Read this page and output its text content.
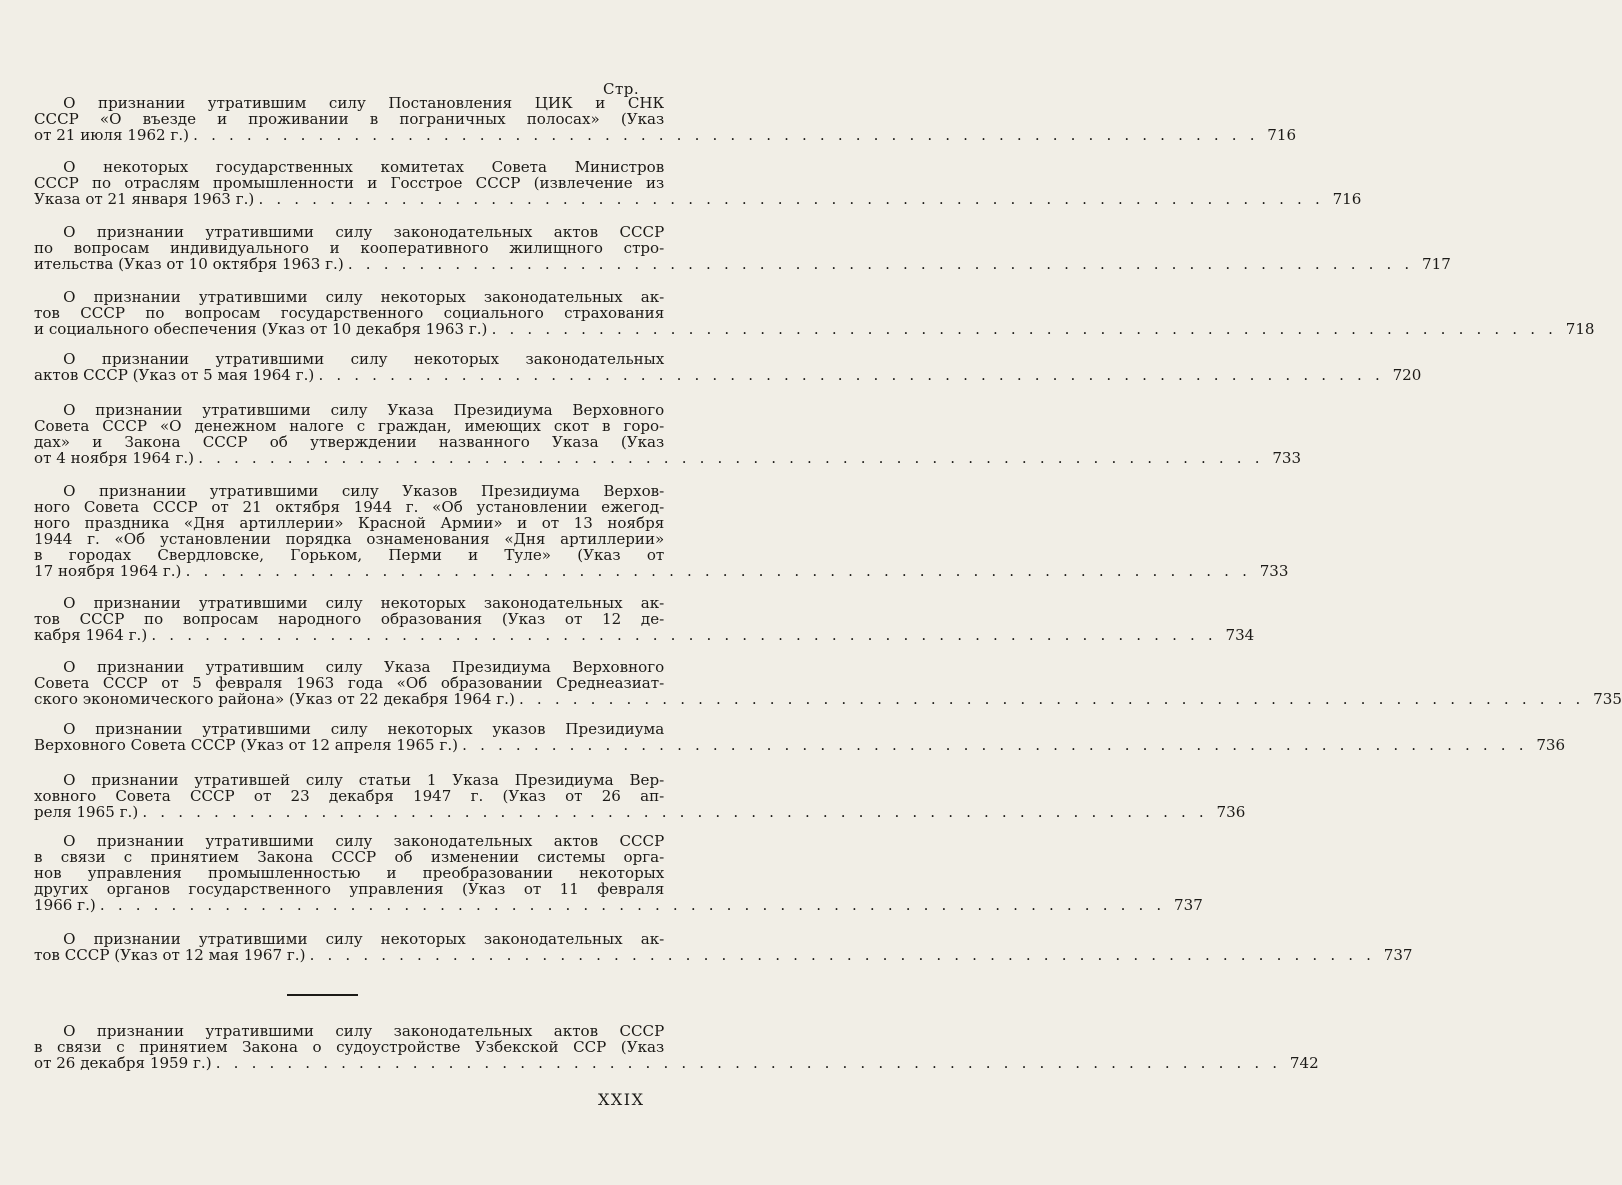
Стр.

О признании утратившим силу Постановления ЦИК и СНК

СССР «О въезде и проживании в пограничных полосах» (Указ

от 21 июля 1962 г.) . . . . . . . . . . . . . . . . . . . . . . . . . . . . . . . . . . . . . . . . . . . . . . . . . . . . . . . . . . . . 716

О некоторых государственных комитетах Совета Министров

СССР по отраслям промышленности и Госстрое СССР (извлечение из

Указа от 21 января 1963 г.) . . . . . . . . . . . . . . . . . . . . . . . . . . . . . . . . . . . . . . . . . . . . . . . . . . . . . . . . . . . . 716

О признании утратившими силу законодательных актов СССР

по вопросам индивидуального и кооперативного жилищного стро-

ительства (Указ от 10 октября 1963 г.) . . . . . . . . . . . . . . . . . . . . . . . . . . . . . . . . . . . . . . . . . . . . . . . . . . . . . . . . . . . . 717

О признании утратившими силу некоторых законодательных ак-

тов СССР по вопросам государственного социального страхования

и социального обеспечения (Указ от 10 декабря 1963 г.) . . . . . . . . . . . . . . . . . . . . . . . . . . . . . . . . . . . . . . . . . . . . . . . . . . . . . . . . . . . . 718

О признании утратившими силу некоторых законодательных

актов СССР (Указ от 5 мая 1964 г.) . . . . . . . . . . . . . . . . . . . . . . . . . . . . . . . . . . . . . . . . . . . . . . . . . . . . . . . . . . . . 720

О признании утратившими силу Указа Президиума Верховного

Совета СССР «О денежном налоге с граждан, имеющих скот в горо-

дах» и Закона СССР об утверждении названного Указа (Указ

от 4 ноября 1964 г.) . . . . . . . . . . . . . . . . . . . . . . . . . . . . . . . . . . . . . . . . . . . . . . . . . . . . . . . . . . . . 733

О признании утратившими силу Указов Президиума Верхов-

ного Совета СССР от 21 октября 1944 г. «Об установлении ежегод-

ного праздника «Дня артиллерии» Красной Армии» и от 13 ноября

1944 г. «Об установлении порядка ознаменования «Дня артиллерии»

в городах Свердловске, Горьком, Перми и Туле» (Указ от

17 ноября 1964 г.) . . . . . . . . . . . . . . . . . . . . . . . . . . . . . . . . . . . . . . . . . . . . . . . . . . . . . . . . . . . . 733

О признании утратившими силу некоторых законодательных ак-

тов СССР по вопросам народного образования (Указ от 12 де-

кабря 1964 г.) . . . . . . . . . . . . . . . . . . . . . . . . . . . . . . . . . . . . . . . . . . . . . . . . . . . . . . . . . . . . 734

О признании утратившим силу Указа Президиума Верховного

Совета СССР от 5 февраля 1963 года «Об образовании Среднеазиат-

ского экономического района» (Указ от 22 декабря 1964 г.) . . . . . . . . . . . . . . . . . . . . . . . . . . . . . . . . . . . . . . . . . . . . . . . . . . . . . . . . . . . . 735

О признании утратившими силу некоторых указов Президиума

Верховного Совета СССР (Указ от 12 апреля 1965 г.) . . . . . . . . . . . . . . . . . . . . . . . . . . . . . . . . . . . . . . . . . . . . . . . . . . . . . . . . . . . . 736

О признании утратившей силу статьи 1 Указа Президиума Вер-

ховного Совета СССР от 23 декабря 1947 г. (Указ от 26 ап-

реля 1965 г.) . . . . . . . . . . . . . . . . . . . . . . . . . . . . . . . . . . . . . . . . . . . . . . . . . . . . . . . . . . . . 736

О признании утратившими силу законодательных актов СССР

в связи с принятием Закона СССР об изменении системы орга-

нов управления промышленностью и преобразовании некоторых

других органов государственного управления (Указ от 11 февраля

1966 г.) . . . . . . . . . . . . . . . . . . . . . . . . . . . . . . . . . . . . . . . . . . . . . . . . . . . . . . . . . . . . 737

О признании утратившими силу некоторых законодательных ак-

тов СССР (Указ от 12 мая 1967 г.) . . . . . . . . . . . . . . . . . . . . . . . . . . . . . . . . . . . . . . . . . . . . . . . . . . . . . . . . . . . . 737

О признании утратившими силу законодательных актов СССР

в связи с принятием Закона о судоустройстве Узбекской ССР (Указ

от 26 декабря 1959 г.) . . . . . . . . . . . . . . . . . . . . . . . . . . . . . . . . . . . . . . . . . . . . . . . . . . . . . . . . . . . . 742
XXIX
